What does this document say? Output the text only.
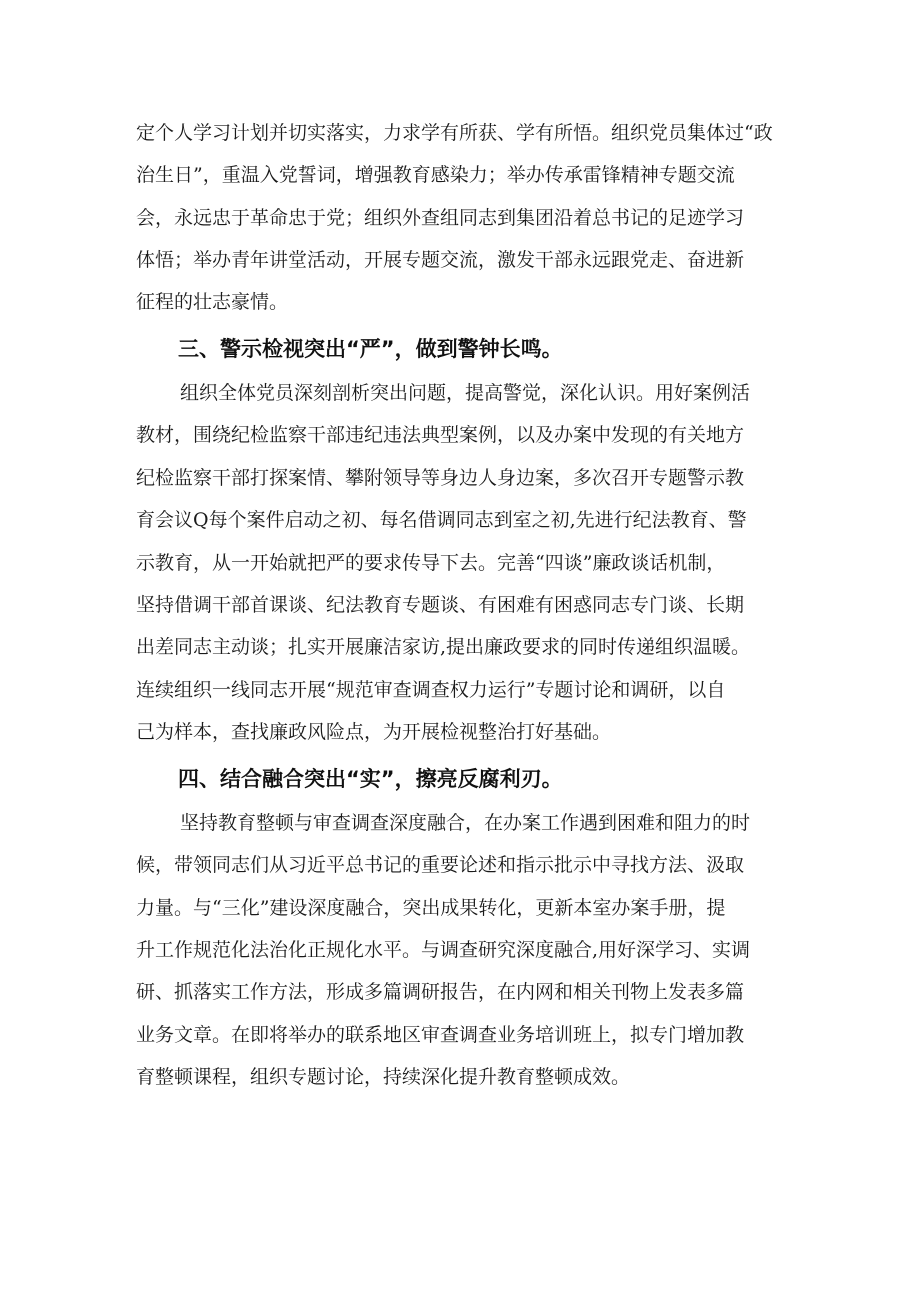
定个人学习计划并切实落实，力求学有所获、学有所悟。组织党员集体过“政
治生日”，重温入党誓词，增强教育感染力；举办传承雷锋精神专题交流
会，永远忠于革命忠于党；组织外查组同志到集团沿着总书记的足迹学习
体悟；举办青年讲堂活动，开展专题交流，激发干部永远跟党走、奋进新
征程的壮志豪情。
三、警示检视突出“严”，做到警钟长鸣。
组织全体党员深刻剖析突出问题，提高警觉，深化认识。用好案例活
教材，围绕纪检监察干部违纪违法典型案例，以及办案中发现的有关地方
纪检监察干部打探案情、攀附领导等身边人身边案，多次召开专题警示教
育会议Q每个案件启动之初、每名借调同志到室之初,先进行纪法教育、警
示教育，从一开始就把严的要求传导下去。完善“四谈”廉政谈话机制，
坚持借调干部首课谈、纪法教育专题谈、有困难有困惑同志专门谈、长期
出差同志主动谈；扎实开展廉洁家访,提出廉政要求的同时传递组织温暖。
连续组织一线同志开展“规范审查调查权力运行”专题讨论和调研，以自
己为样本，查找廉政风险点，为开展检视整治打好基础。
四、结合融合突出“实”，擦亮反腐利刃。
坚持教育整顿与审查调查深度融合，在办案工作遇到困难和阻力的时
候，带领同志们从习近平总书记的重要论述和指示批示中寻找方法、汲取
力量。与“三化”建设深度融合，突出成果转化，更新本室办案手册，提
升工作规范化法治化正规化水平。与调查研究深度融合,用好深学习、实调
研、抓落实工作方法，形成多篇调研报告，在内网和相关刊物上发表多篇
业务文章。在即将举办的联系地区审查调查业务培训班上，拟专门增加教
育整顿课程，组织专题讨论，持续深化提升教育整顿成效。
